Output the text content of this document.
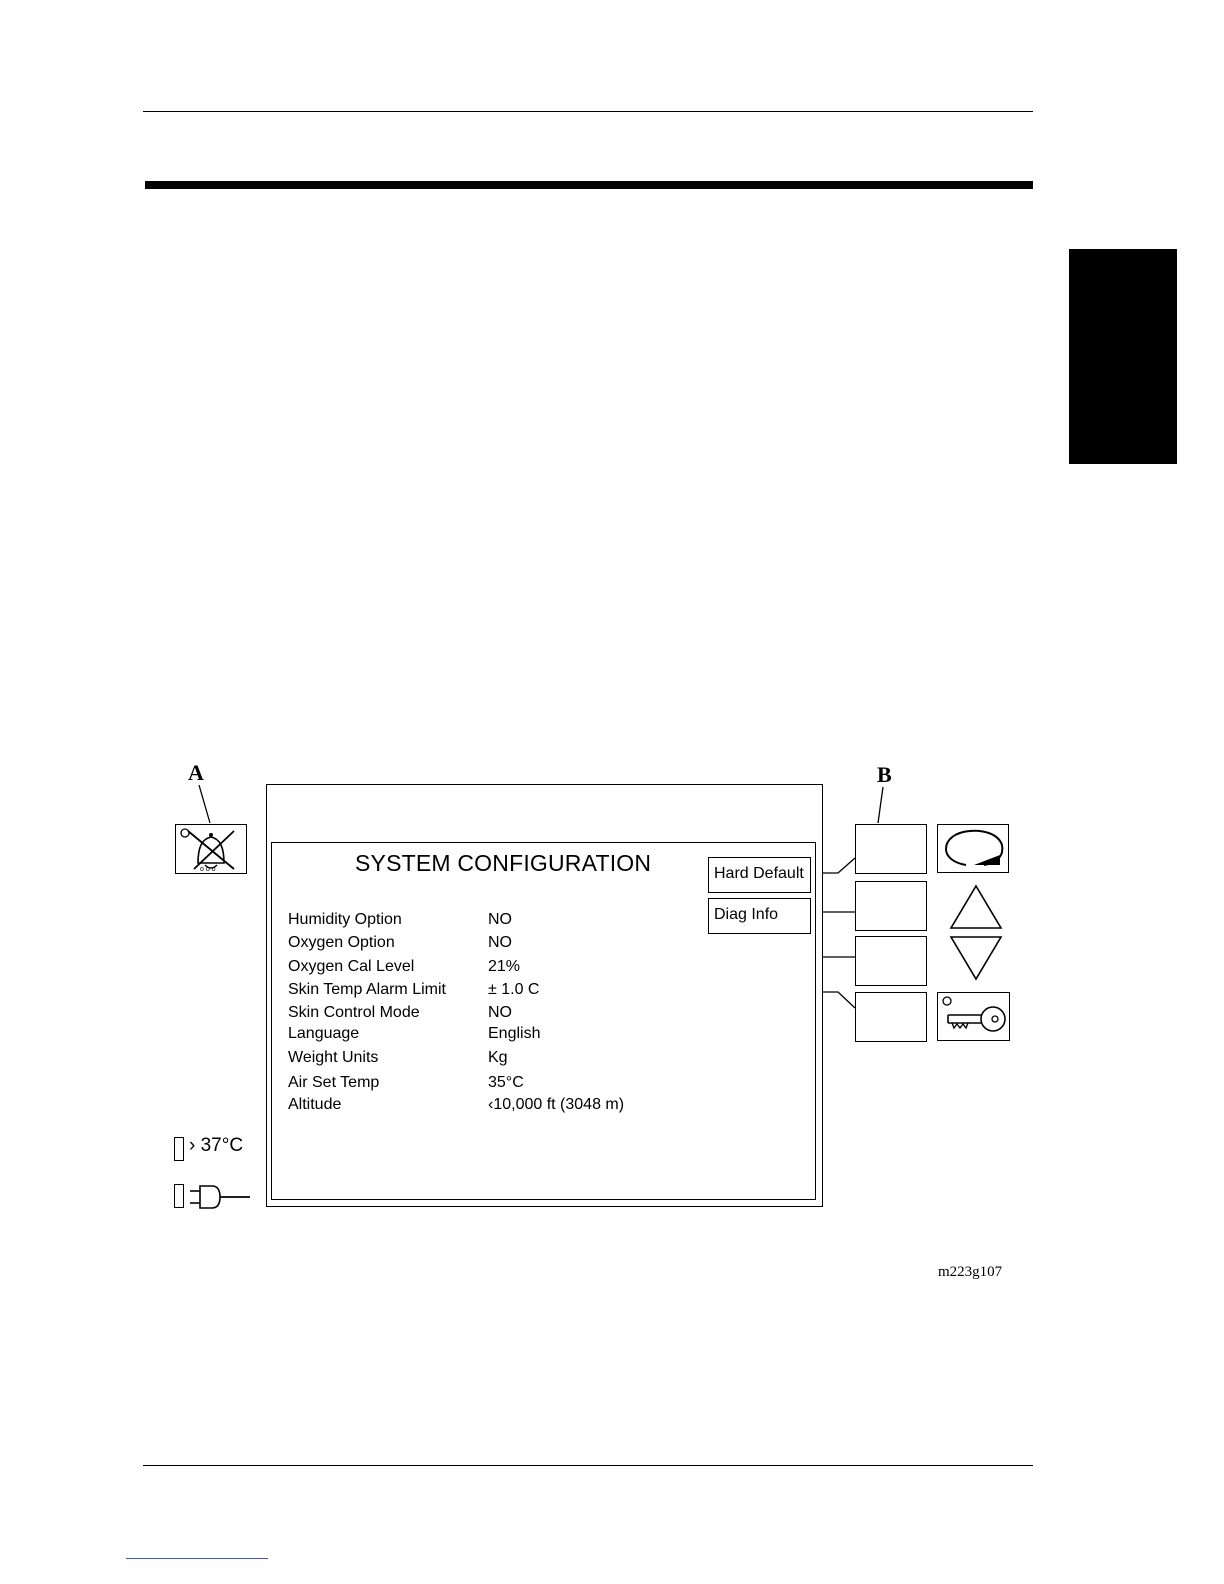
A	B
o o o	SYSTEM CONFIGURATION	Hard Default
Diag Info
Humidity Option	NO
Oxygen Option	NO
Oxygen Cal Level	21%
Skin Temp Alarm Limit	± 1.0 C
Skin Control Mode	NO
Language	English
Weight Units	Kg
Air Set Temp	35°C
Altitude	‹10,000 ft (3048 m)
› 37°C
m223g107
